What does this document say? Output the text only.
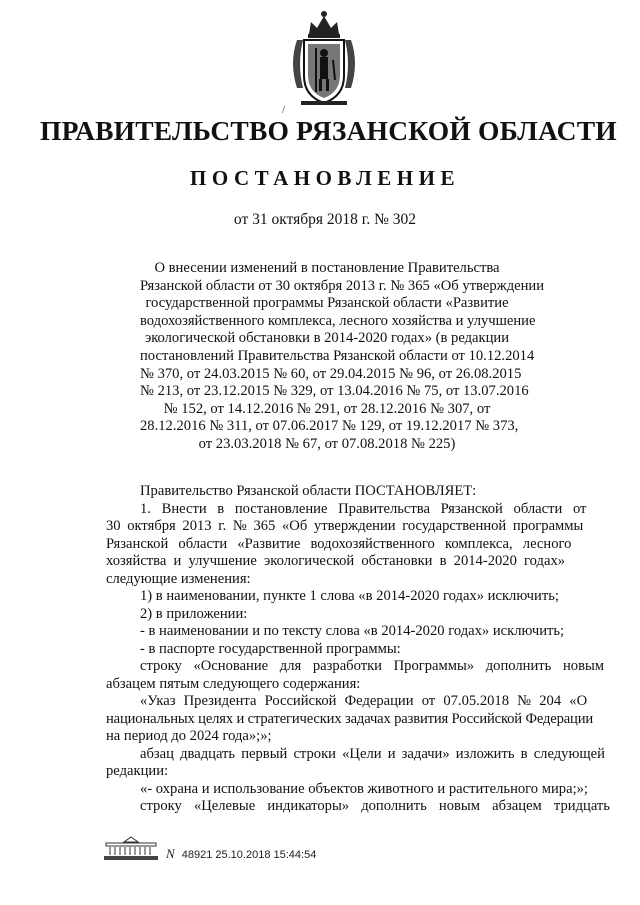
/
ПРАВИТЕЛЬСТВО РЯЗАНСКОЙ ОБЛАСТИ
ПОСТАНОВЛЕНИЕ
от 31 октября 2018 г. № 302
О внесении изменений в постановление Правительства
Рязанской области от 30 октября 2013 г. № 365 «Об утверждении
государственной программы Рязанской области «Развитие
водохозяйственного комплекса, лесного хозяйства и улучшение
экологической обстановки в 2014-2020 годах» (в редакции
постановлений Правительства Рязанской области от 10.12.2014
№ 370, от 24.03.2015 № 60, от 29.04.2015 № 96, от 26.08.2015
№ 213, от 23.12.2015 № 329, от 13.04.2016 № 75, от 13.07.2016
№ 152, от 14.12.2016 № 291, от 28.12.2016 № 307, от
28.12.2016 № 311, от 07.06.2017 № 129, от 19.12.2017 № 373,
от 23.03.2018 № 67, от 07.08.2018 № 225)
Правительство Рязанской области ПОСТАНОВЛЯЕТ:
1. Внести в постановление Правительства Рязанской области от
30 октября 2013 г. № 365 «Об утверждении государственной программы
Рязанской области «Развитие водохозяйственного комплекса, лесного
хозяйства и улучшение экологической обстановки в 2014-2020 годах»
следующие изменения:
1) в наименовании, пункте 1 слова «в 2014-2020 годах» исключить;
2) в приложении:
- в наименовании и по тексту слова «в 2014-2020 годах» исключить;
- в паспорте государственной программы:
строку «Основание для разработки Программы» дополнить новым
абзацем пятым следующего содержания:
«Указ Президента Российской Федерации от 07.05.2018 № 204 «О
национальных целях и стратегических задачах развития Российской Федерации
на период до 2024 года»;»;
абзац двадцать первый строки «Цели и задачи» изложить в следующей
редакции:
«- охрана и использование объектов животного и растительного мира;»;
строку «Целевые индикаторы» дополнить новым абзацем тридцать
N 48921 25.10.2018 15:44:54
